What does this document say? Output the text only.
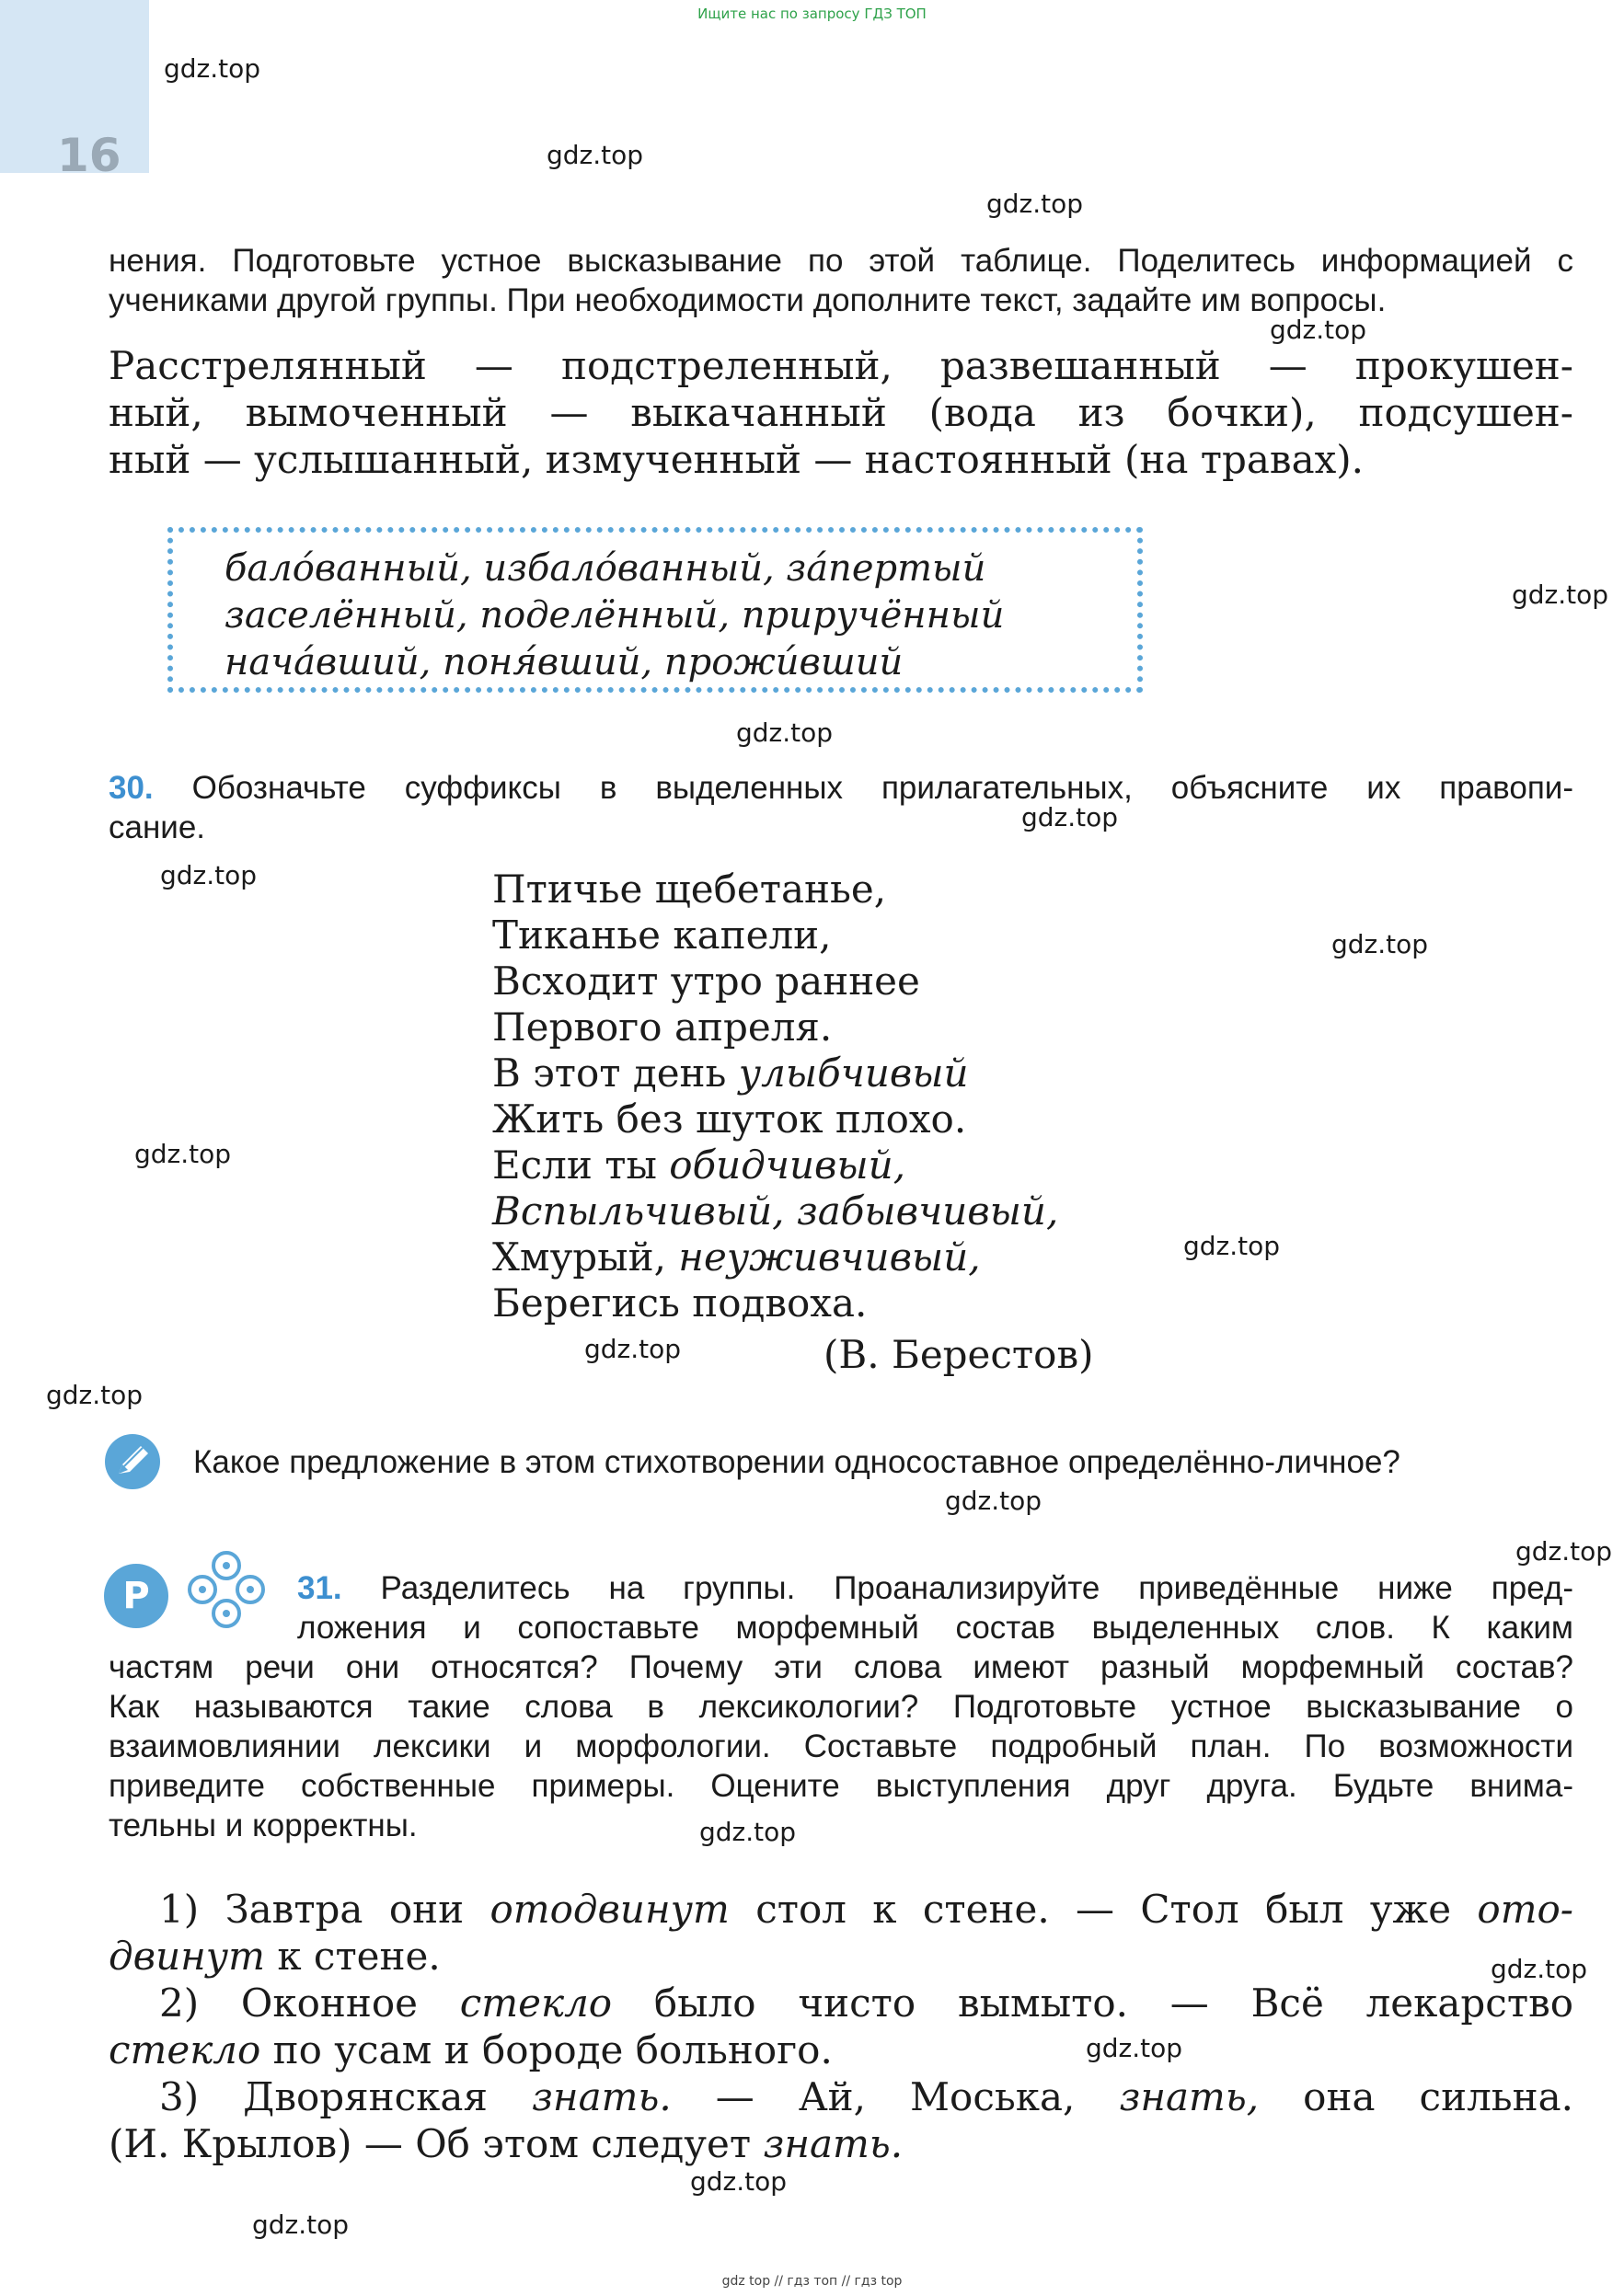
Ищите нас по запросу ГДЗ ТОП
16
нения. Подготовьте устное высказывание по этой таблице. Поделитесь информацией с
учениками другой группы. При необходимости дополните текст, задайте им вопросы.
Расстрелянный — подстреленный, развешанный — прокушен-
ный, вымоченный — выкачанный (вода из бочки), подсушен-
ный — услышанный, измученный — настоянный (на травах).
бало́ванный, избало́ванный, за́пертый
заселённый, поделённый, приручённый
нача́вший, поня́вший, прожи́вший
30. Обозначьте суффиксы в выделенных прилагательных, объясните их правопи-
сание.
Птичье щебетанье,
Тиканье капели,
Всходит утро раннее
Первого апреля.
В этот день улыбчивый
Жить без шуток плохо.
Если ты обидчивый,
Вспыльчивый, забывчивый,
Хмурый, неуживчивый,
Берегись подвоха.
(В. Берестов)
Какое предложение в этом стихотворении односоставное определённо-личное?
Р	31. Разделитесь на группы. Проанализируйте приведённые ниже пред-
ложения и сопоставьте морфемный состав выделенных слов. К каким
частям речи они относятся? Почему эти слова имеют разный морфемный состав?
Как называются такие слова в лексикологии? Подготовьте устное высказывание о
взаимовлиянии лексики и морфологии. Составьте подробный план. По возможности
приведите собственные примеры. Оцените выступления друг друга. Будьте внима-
тельны и корректны.
1) Завтра они отодвинут стол к стене. — Стол был уже ото-
двинут к стене.
2) Оконное стекло было чисто вымыто. — Всё лекарство
стекло по усам и бороде больного.
3) Дворянская знать. — Ай, Моська, знать, она сильна.
(И. Крылов) — Об этом следует знать.
gdz.top
gdz.top
gdz.top
gdz.top
gdz.top
gdz.top
gdz.top
gdz.top
gdz.top
gdz.top
gdz.top
gdz.top
gdz.top
gdz.top
gdz.top
gdz.top
gdz.top
gdz.top
gdz.top
gdz.top
gdz top // гдз топ // гдз top
